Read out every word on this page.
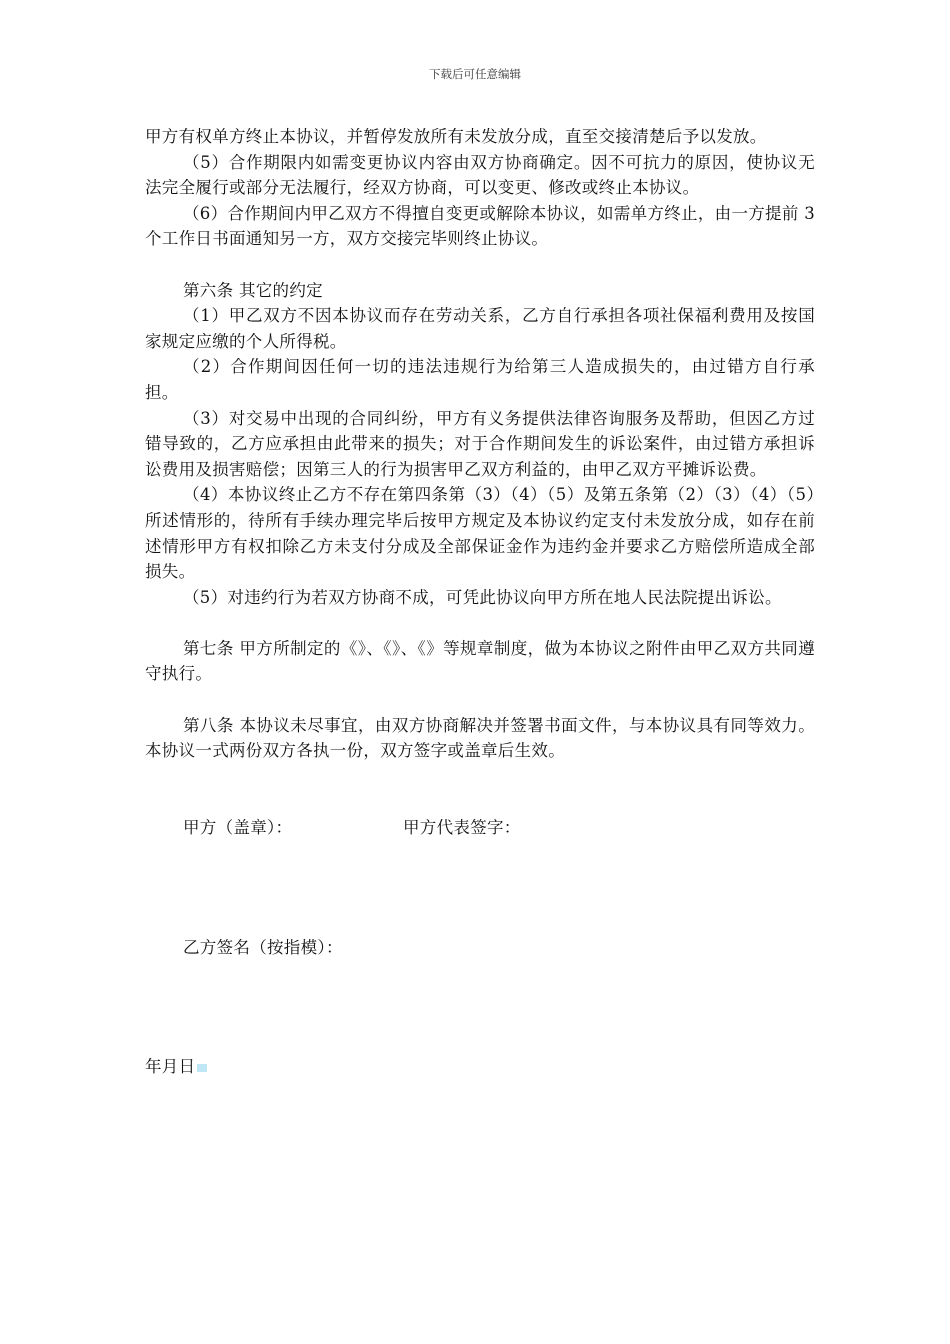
下载后可任意编辑

甲方有权单方终止本协议，并暂停发放所有未发放分成，直至交接清楚后予以发放。

（5）合作期限内如需变更协议内容由双方协商确定。因不可抗力的原因，使协议无法完全履行或部分无法履行，经双方协商，可以变更、修改或终止本协议。

（6）合作期间内甲乙双方不得擅自变更或解除本协议，如需单方终止，由一方提前 3 个工作日书面通知另一方，双方交接完毕则终止协议。

第六条 其它的约定

（1）甲乙双方不因本协议而存在劳动关系，乙方自行承担各项社保福利费用及按国家规定应缴的个人所得税。

（2）合作期间因任何一切的违法违规行为给第三人造成损失的，由过错方自行承担。

（3）对交易中出现的合同纠纷，甲方有义务提供法律咨询服务及帮助，但因乙方过错导致的，乙方应承担由此带来的损失；对于合作期间发生的诉讼案件，由过错方承担诉讼费用及损害赔偿；因第三人的行为损害甲乙双方利益的，由甲乙双方平摊诉讼费。

（4）本协议终止乙方不存在第四条第（3）（4）（5）及第五条第（2）（3）（4）（5）所述情形的，待所有手续办理完毕后按甲方规定及本协议约定支付未发放分成，如存在前述情形甲方有权扣除乙方未支付分成及全部保证金作为违约金并要求乙方赔偿所造成全部损失。

（5）对违约行为若双方协商不成，可凭此协议向甲方所在地人民法院提出诉讼。

第七条 甲方所制定的《》、《》、《》等规章制度，做为本协议之附件由甲乙双方共同遵守执行。

第八条 本协议未尽事宜，由双方协商解决并签署书面文件，与本协议具有同等效力。 本协议一式两份双方各执一份，双方签字或盖章后生效。

甲方（盖章）：	甲方代表签字：

乙方签名（按指模）：

年月日
